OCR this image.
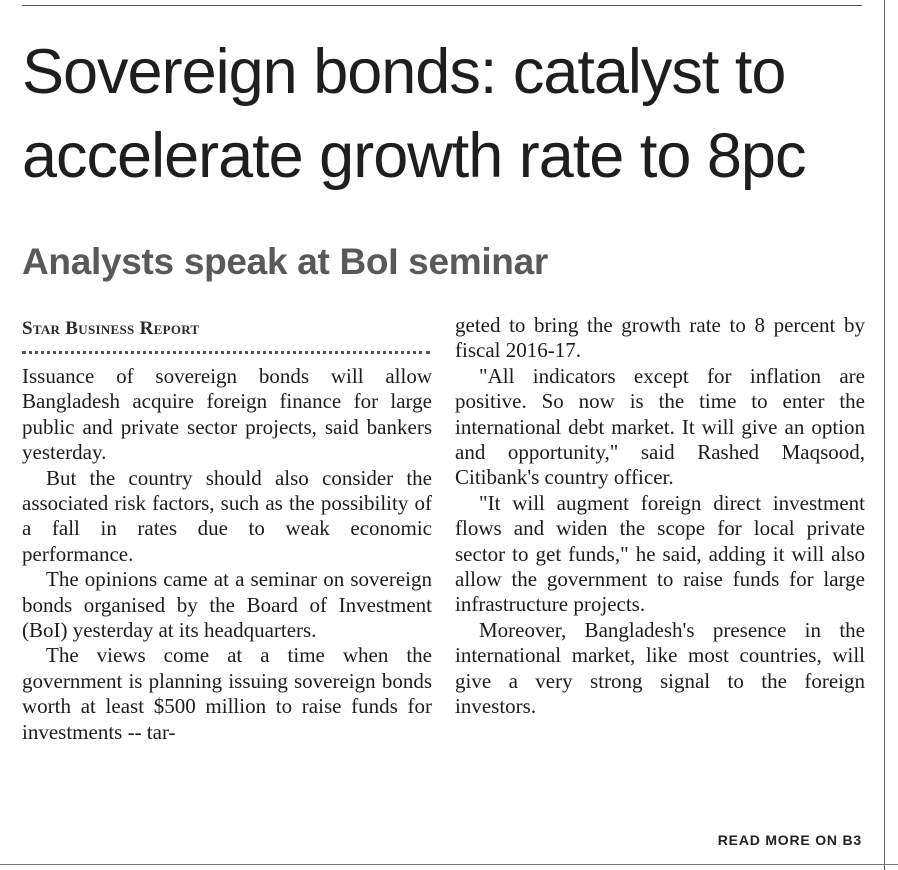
Sovereign bonds: catalyst to accelerate growth rate to 8pc
Analysts speak at BoI seminar
Star Business Report

Issuance of sovereign bonds will allow Bangladesh acquire foreign finance for large public and private sector projects, said bankers yesterday.

But the country should also consider the associated risk factors, such as the possibility of a fall in rates due to weak economic performance.

The opinions came at a seminar on sovereign bonds organised by the Board of Investment (BoI) yesterday at its headquarters.

The views come at a time when the government is planning issuing sovereign bonds worth at least $500 million to raise funds for investments -- tar-

geted to bring the growth rate to 8 percent by fiscal 2016-17.

"All indicators except for inflation are positive. So now is the time to enter the international debt market. It will give an option and opportunity," said Rashed Maqsood, Citibank's country officer.

"It will augment foreign direct investment flows and widen the scope for local private sector to get funds," he said, adding it will also allow the government to raise funds for large infrastructure projects.

Moreover, Bangladesh's presence in the international market, like most countries, will give a very strong signal to the foreign investors.

READ MORE ON B3
